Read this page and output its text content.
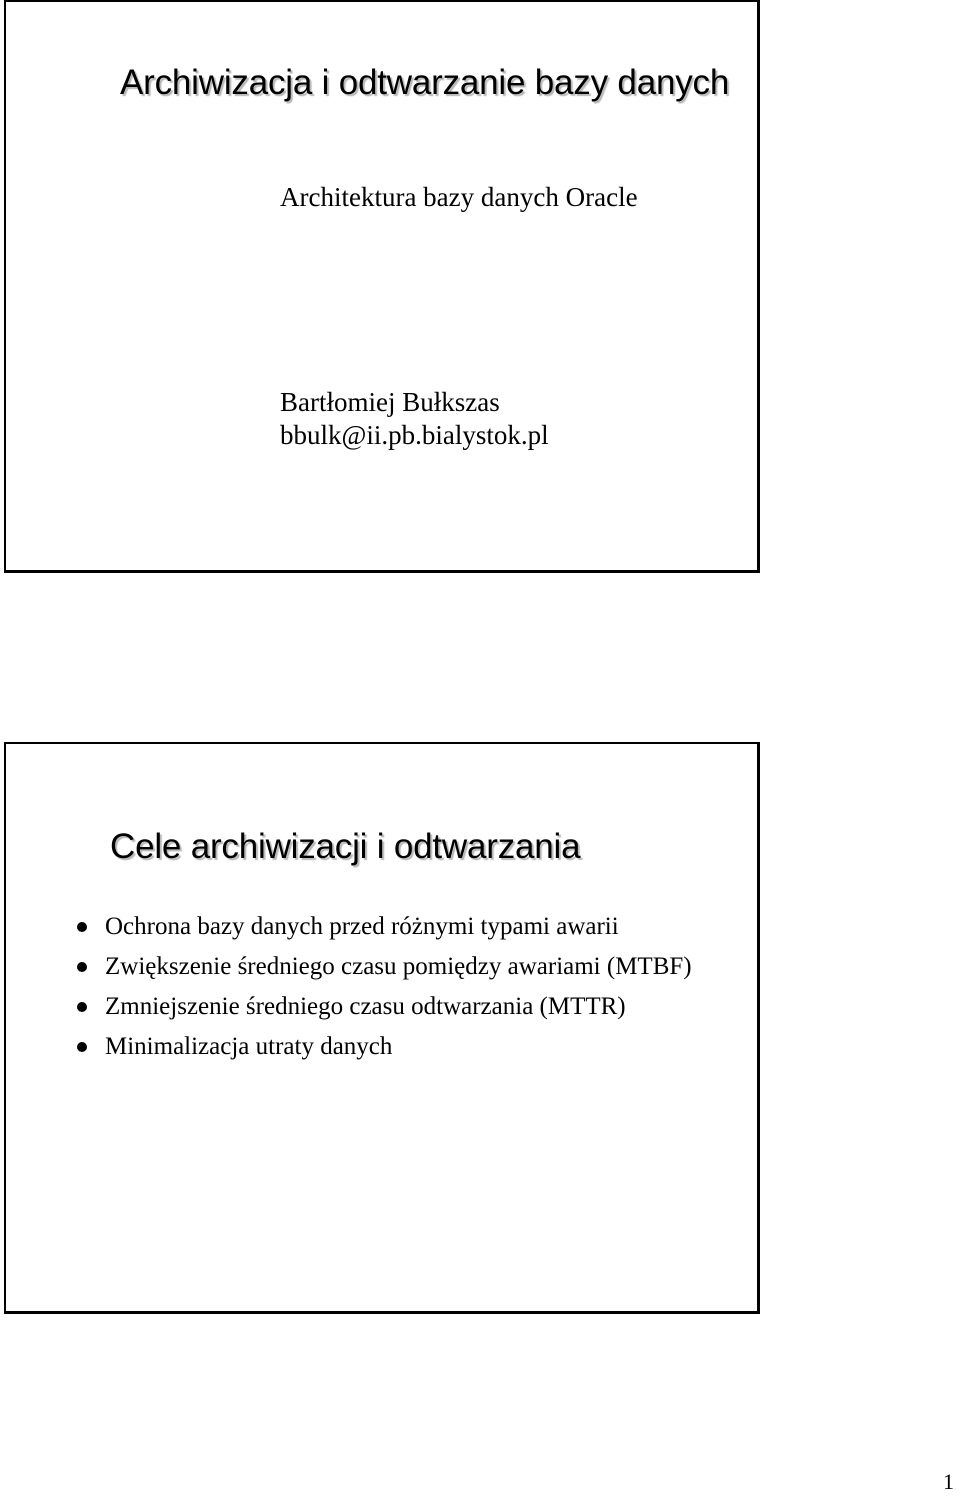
Archiwizacja i odtwarzanie bazy danych
Architektura bazy danych Oracle
Bartłomiej Bułkszas
bbulk@ii.pb.bialystok.pl
Cele archiwizacji i odtwarzania
Ochrona bazy danych przed różnymi typami awarii
Zwiększenie średniego czasu pomiędzy awariami (MTBF)
Zmniejszenie średniego czasu odtwarzania (MTTR)
Minimalizacja utraty danych
1
